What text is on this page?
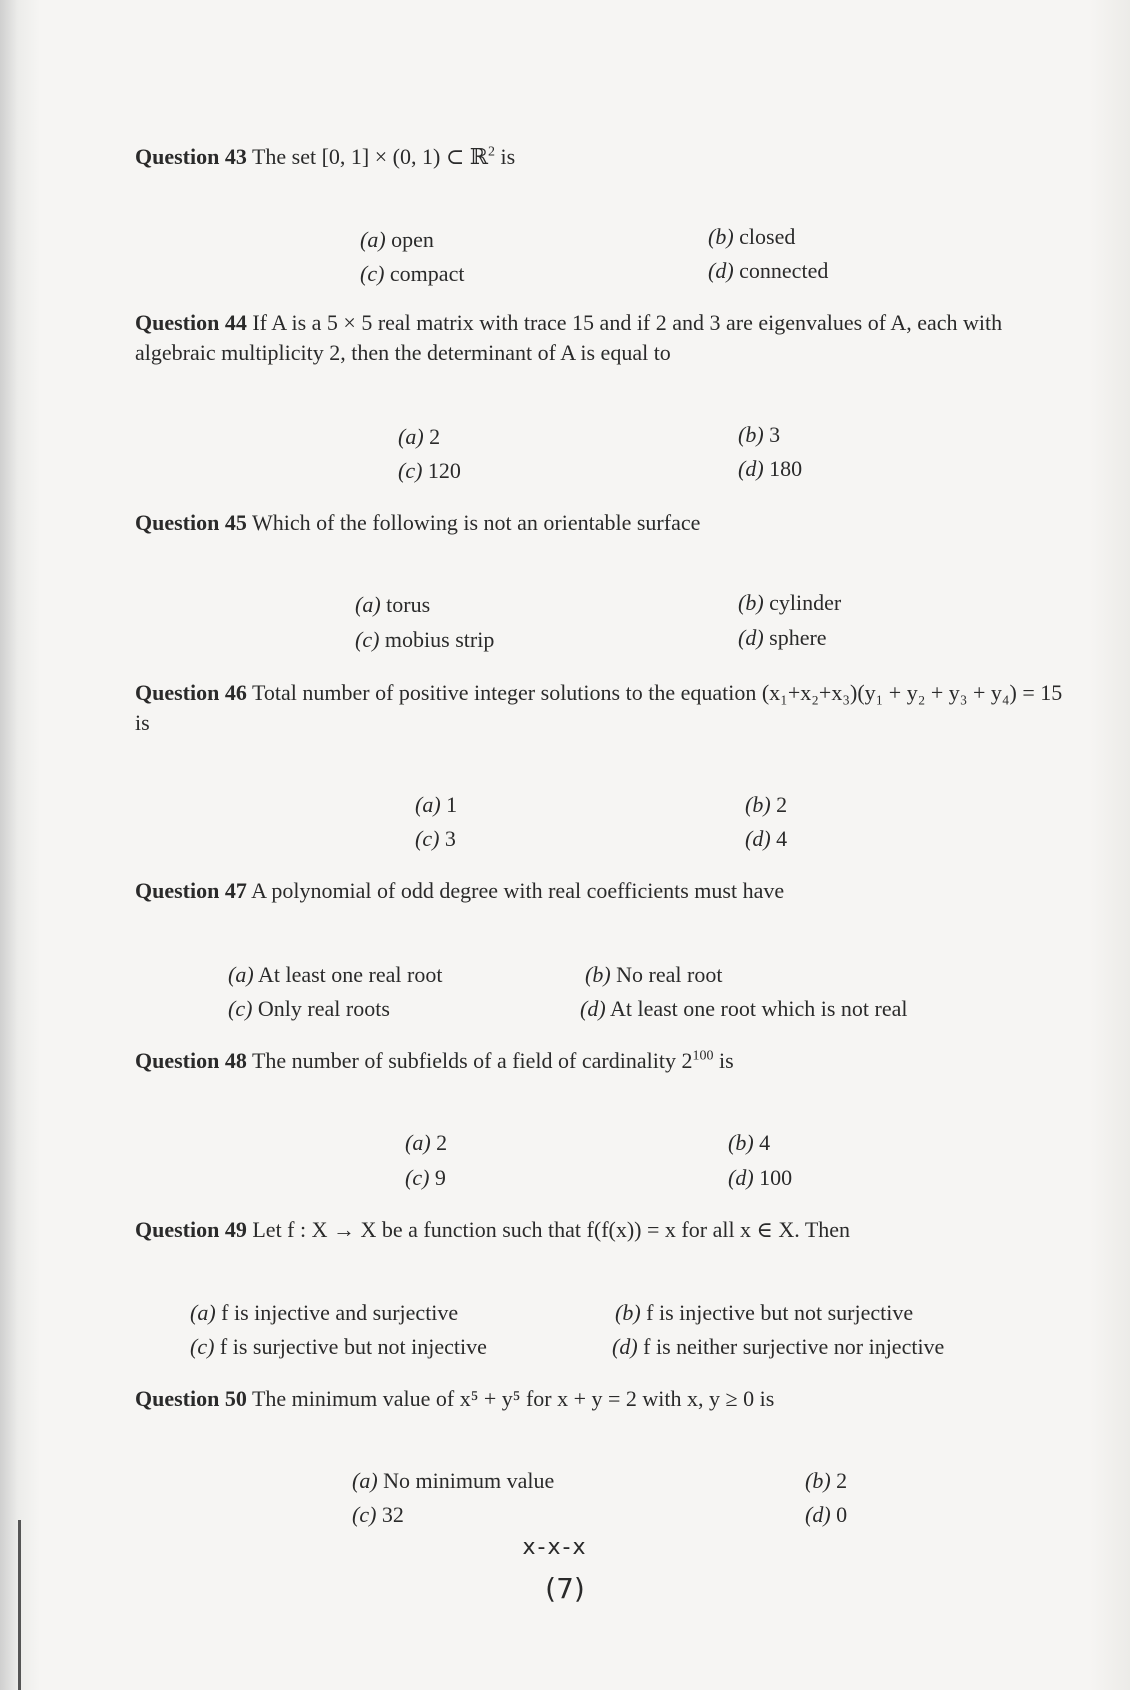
Question 43 The set [0, 1] × (0, 1) ⊂ ℝ$^2$ is
(a) open	(b) closed
(c) compact	(d) connected
Question 44 If A is a 5 × 5 real matrix with trace 15 and if 2 and 3 are eigenvalues of A, each with algebraic multiplicity 2, then the determinant of A is equal to
(a) 2	(b) 3
(c) 120	(d) 180
Question 45 Which of the following is not an orientable surface
(a) torus	(b) cylinder
(c) mobius strip	(d) sphere
Question 46 Total number of positive integer solutions to the equation (x₁+x₂+x₃)(y₁ + y₂ + y₃ + y₄) = 15 is
(a) 1	(b) 2
(c) 3	(d) 4
Question 47 A polynomial of odd degree with real coefficients must have
(a) At least one real root	(b) No real root
(c) Only real roots	(d) At least one root which is not real
Question 48 The number of subfields of a field of cardinality $2^{100}$ is
(a) 2	(b) 4
(c) 9	(d) 100
Question 49 Let f : X → X be a function such that f(f(x)) = x for all x ∈ X. Then
(a) f is injective and surjective	(b) f is injective but not surjective
(c) f is surjective but not injective	(d) f is neither surjective nor injective
Question 50 The minimum value of x⁵ + y⁵ for x + y = 2 with x, y ≥ 0 is
(a) No minimum value	(b) 2
(c) 32	(d) 0
x-x-x
(7)
